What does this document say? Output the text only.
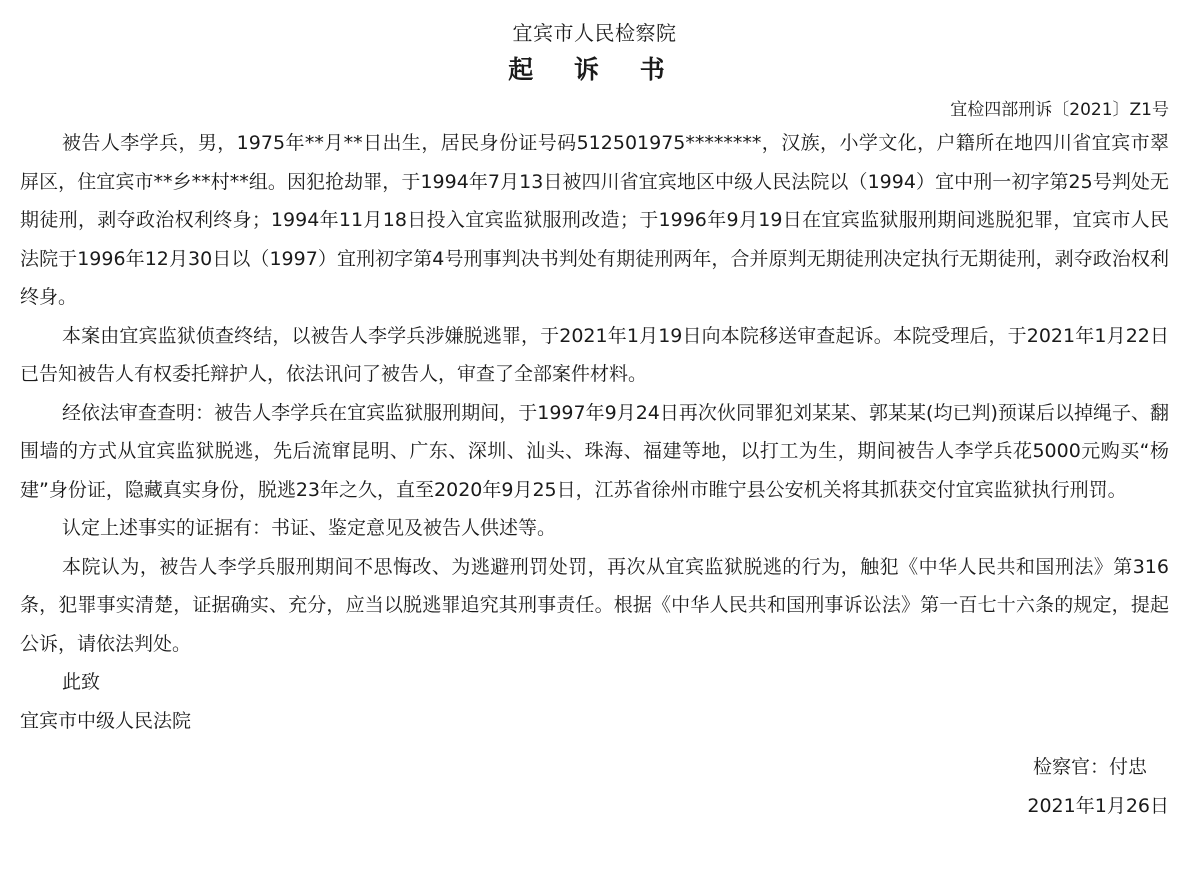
宜宾市人民检察院
起 诉 书
宜检四部刑诉〔2021〕Z1号

被告人李学兵，男，1975年**月**日出生，居民身份证号码512501975********，汉族，小学文化，户籍所在地四川省宜宾市翠屏区，住宜宾市**乡**村**组。因犯抢劫罪，于1994年7月13日被四川省宜宾地区中级人民法院以（1994）宜中刑一初字第25号判处无期徒刑，剥夺政治权利终身；1994年11月18日投入宜宾监狱服刑改造；于1996年9月19日在宜宾监狱服刑期间逃脱犯罪，宜宾市人民法院于1996年12月30日以（1997）宜刑初字第4号刑事判决书判处有期徒刑两年，合并原判无期徒刑决定执行无期徒刑，剥夺政治权利终身。

本案由宜宾监狱侦查终结，以被告人李学兵涉嫌脱逃罪，于2021年1月19日向本院移送审查起诉。本院受理后，于2021年1月22日已告知被告人有权委托辩护人，依法讯问了被告人，审查了全部案件材料。

经依法审查查明：被告人李学兵在宜宾监狱服刑期间，于1997年9月24日再次伙同罪犯刘某某、郭某某(均已判)预谋后以掉绳子、翻围墙的方式从宜宾监狱脱逃，先后流窜昆明、广东、深圳、汕头、珠海、福建等地，以打工为生，期间被告人李学兵花5000元购买“杨建”身份证，隐藏真实身份，脱逃23年之久，直至2020年9月25日，江苏省徐州市睢宁县公安机关将其抓获交付宜宾监狱执行刑罚。

认定上述事实的证据有：书证、鉴定意见及被告人供述等。

本院认为，被告人李学兵服刑期间不思悔改、为逃避刑罚处罚，再次从宜宾监狱脱逃的行为，触犯《中华人民共和国刑法》第316条，犯罪事实清楚，证据确实、充分，应当以脱逃罪追究其刑事责任。根据《中华人民共和国刑事诉讼法》第一百七十六条的规定，提起公诉，请依法判处。

此致

宜宾市中级人民法院

检察官：付忠

2021年1月26日
